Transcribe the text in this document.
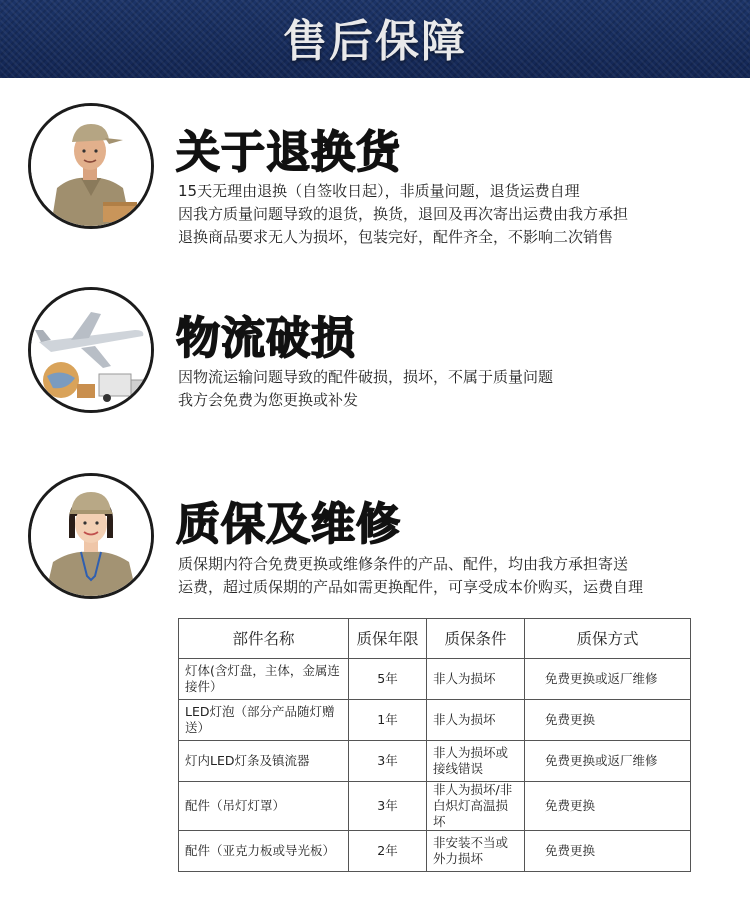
售后保障
关于退换货
15天无理由退换（自签收日起），非质量问题，退货运费自理
因我方质量问题导致的退货，换货，退回及再次寄出运费由我方承担
退换商品要求无人为损坏，包装完好，配件齐全，不影响二次销售
物流破损
因物流运输问题导致的配件破损，损坏，不属于质量问题
我方会免费为您更换或补发
质保及维修
质保期内符合免费更换或维修条件的产品、配件，均由我方承担寄送
运费，超过质保期的产品如需更换配件，可享受成本价购买，运费自理
部件名称	质保年限	质保条件	质保方式
灯体(含灯盘，主体，金属连接件）	5年	非人为损坏	免费更换或返厂维修
LED灯泡（部分产品随灯赠送）	1年	非人为损坏	免费更换
灯内LED灯条及镇流器	3年	非人为损坏或接线错误	免费更换或返厂维修
配件（吊灯灯罩）	3年	非人为损坏/非白炽灯高温损坏	免费更换
配件（亚克力板或导光板）	2年	非安装不当或外力损坏	免费更换
